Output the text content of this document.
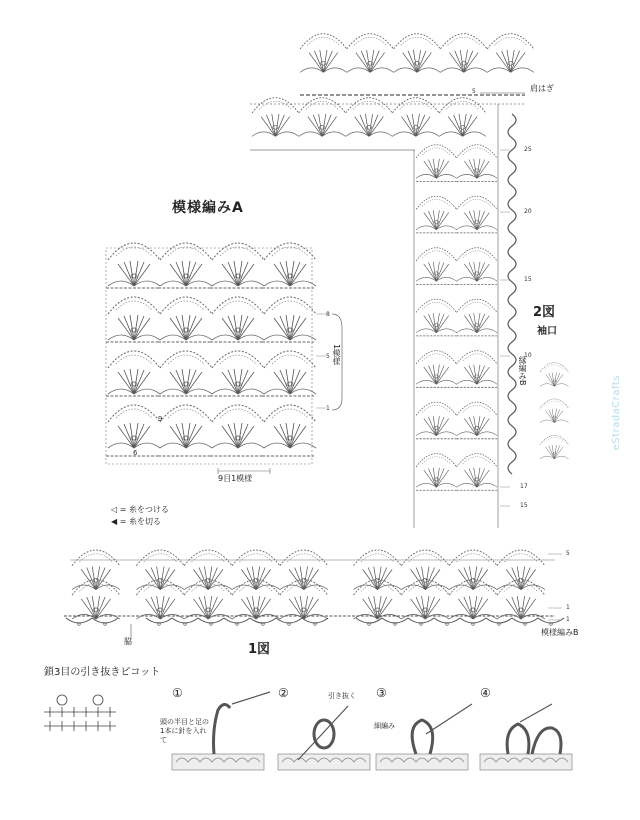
模様編みA
1図
2図
袖口
肩はぎ
9目1模様
1模様
縁編みB
脇
模様編みB
◁ = 糸をつける
◀ = 糸を切る
鎖3目の引き抜きピコット
①	②	③	④
頭の半目と足の1本に針を入れて
引き抜く
細編み
8
5
1
9
6
25
20
15
10
5
17
15
5
1
1
eStradaCrafts
